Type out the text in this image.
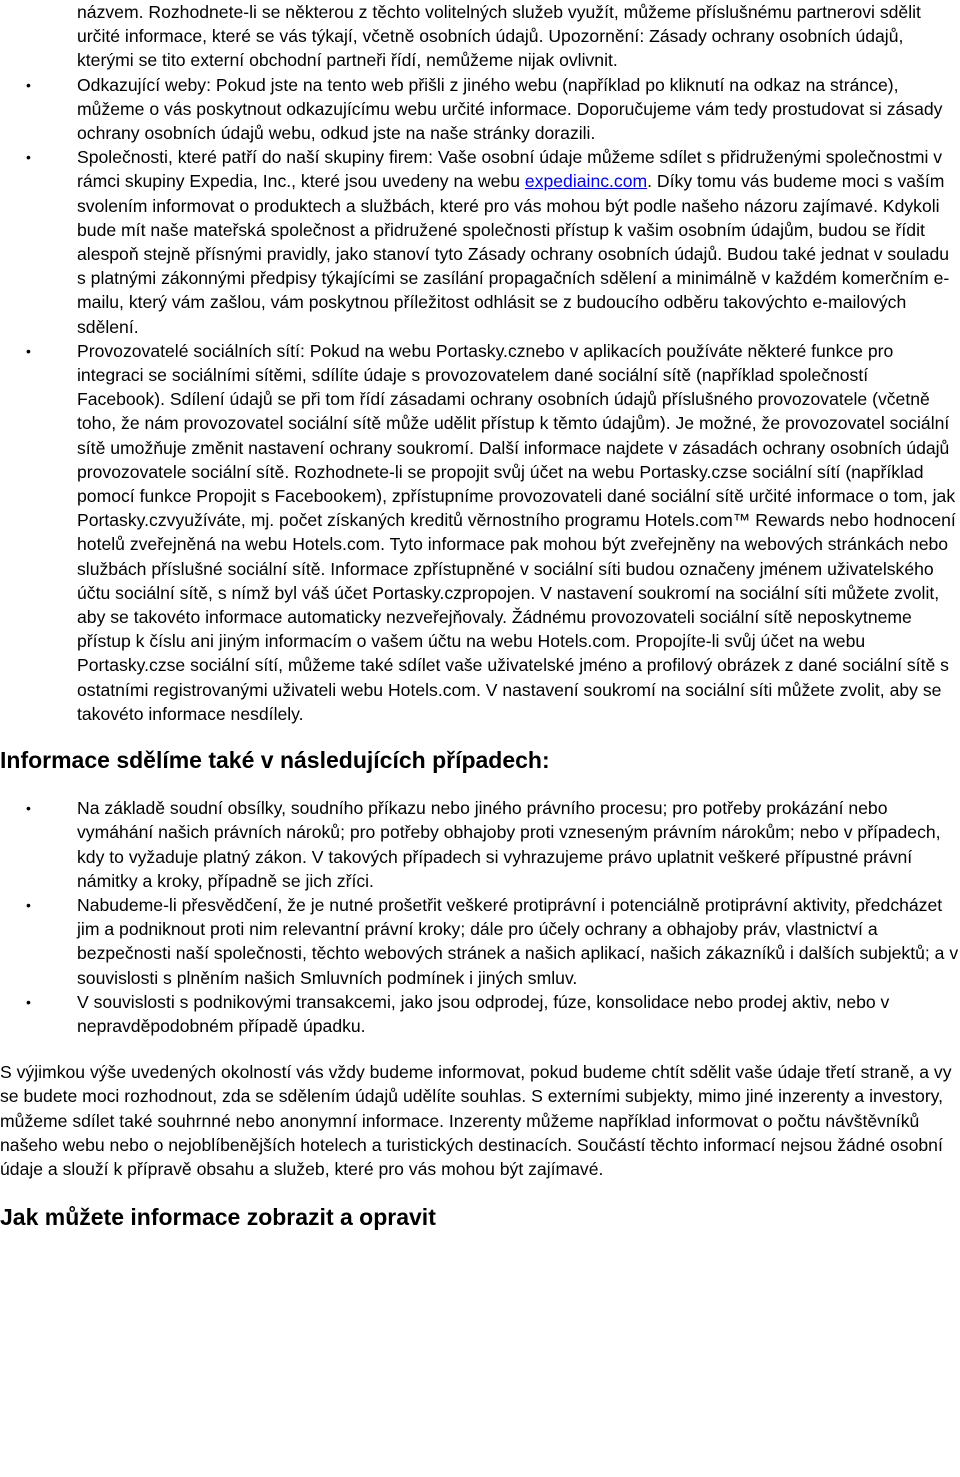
názvem. Rozhodnete-li se některou z těchto volitelných služeb využít, můžeme příslušnému partnerovi sdělit určité informace, které se vás týkají, včetně osobních údajů. Upozornění: Zásady ochrany osobních údajů, kterými se tito externí obchodní partneři řídí, nemůžeme nijak ovlivnit.
•	Odkazující weby: Pokud jste na tento web přišli z jiného webu (například po kliknutí na odkaz na stránce), můžeme o vás poskytnout odkazujícímu webu určité informace. Doporučujeme vám tedy prostudovat si zásady ochrany osobních údajů webu, odkud jste na naše stránky dorazili.
•	Společnosti, které patří do naší skupiny firem: Vaše osobní údaje můžeme sdílet s přidruženými společnostmi v rámci skupiny Expedia, Inc., které jsou uvedeny na webu expediainc.com. Díky tomu vás budeme moci s vaším svolením informovat o produktech a službách, které pro vás mohou být podle našeho názoru zajímavé. Kdykoli bude mít naše mateřská společnost a přidružené společnosti přístup k vašim osobním údajům, budou se řídit alespoň stejně přísnými pravidly, jako stanoví tyto Zásady ochrany osobních údajů. Budou také jednat v souladu s platnými zákonnými předpisy týkajícími se zasílání propagačních sdělení a minimálně v každém komerčním e-mailu, který vám zašlou, vám poskytnou příležitost odhlásit se z budoucího odběru takovýchto e-mailových sdělení.
•	Provozovatelé sociálních sítí: Pokud na webu Portasky.cznebo v aplikacích používáte některé funkce pro integraci se sociálními sítěmi, sdílíte údaje s provozovatelem dané sociální sítě (například společností Facebook). Sdílení údajů se při tom řídí zásadami ochrany osobních údajů příslušného provozovatele (včetně toho, že nám provozovatel sociální sítě může udělit přístup k těmto údajům). Je možné, že provozovatel sociální sítě umožňuje změnit nastavení ochrany soukromí. Další informace najdete v zásadách ochrany osobních údajů provozovatele sociální sítě. Rozhodnete-li se propojit svůj účet na webu Portasky.czse sociální sítí (například pomocí funkce Propojit s Facebookem), zpřístupníme provozovateli dané sociální sítě určité informace o tom, jak Portasky.czvyužíváte, mj. počet získaných kreditů věrnostního programu Hotels.com™ Rewards nebo hodnocení hotelů zveřejněná na webu Hotels.com. Tyto informace pak mohou být zveřejněny na webových stránkách nebo službách příslušné sociální sítě. Informace zpřístupněné v sociální síti budou označeny jménem uživatelského účtu sociální sítě, s nímž byl váš účet Portasky.czpropojen. V nastavení soukromí na sociální síti můžete zvolit, aby se takovéto informace automaticky nezveřejňovaly. Žádnému provozovateli sociální sítě neposkytneme přístup k číslu ani jiným informacím o vašem účtu na webu Hotels.com. Propojíte-li svůj účet na webu Portasky.czse sociální sítí, můžeme také sdílet vaše uživatelské jméno a profilový obrázek z dané sociální sítě s ostatními registrovanými uživateli webu Hotels.com. V nastavení soukromí na sociální síti můžete zvolit, aby se takovéto informace nesdílely.
Informace sdělíme také v následujících případech:
•	Na základě soudní obsílky, soudního příkazu nebo jiného právního procesu; pro potřeby prokázání nebo vymáhání našich právních nároků; pro potřeby obhajoby proti vzneseným právním nárokům; nebo v případech, kdy to vyžaduje platný zákon. V takových případech si vyhrazujeme právo uplatnit veškeré přípustné právní námitky a kroky, případně se jich zříci.
•	Nabudeme-li přesvědčení, že je nutné prošetřit veškeré protiprávní i potenciálně protiprávní aktivity, předcházet jim a podniknout proti nim relevantní právní kroky; dále pro účely ochrany a obhajoby práv, vlastnictví a bezpečnosti naší společnosti, těchto webových stránek a našich aplikací, našich zákazníků i dalších subjektů; a v souvislosti s plněním našich Smluvních podmínek i jiných smluv.
•	V souvislosti s podnikovými transakcemi, jako jsou odprodej, fúze, konsolidace nebo prodej aktiv, nebo v nepravděpodobném případě úpadku.

S výjimkou výše uvedených okolností vás vždy budeme informovat, pokud budeme chtít sdělit vaše údaje třetí straně, a vy se budete moci rozhodnout, zda se sdělením údajů udělíte souhlas. S externími subjekty, mimo jiné inzerenty a investory, můžeme sdílet také souhrnné nebo anonymní informace. Inzerenty můžeme například informovat o počtu návštěvníků našeho webu nebo o nejoblíbenějších hotelech a turistických destinacích. Součástí těchto informací nejsou žádné osobní údaje a slouží k přípravě obsahu a služeb, které pro vás mohou být zajímavé.

Jak můžete informace zobrazit a opravit
